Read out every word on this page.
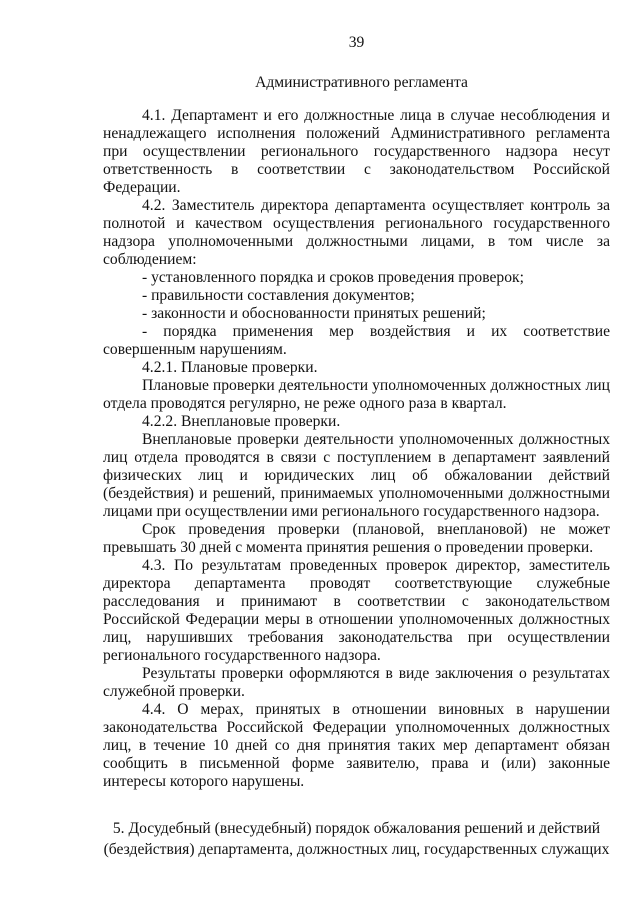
39
Административного регламента

4.1. Департамент и его должностные лица в случае несоблюдения и ненадлежащего исполнения положений Административного регламента при осуществлении регионального государственного надзора несут ответственность в соответствии с законодательством Российской Федерации.

4.2. Заместитель директора департамента осуществляет контроль за полнотой и качеством осуществления регионального государственного надзора уполномоченными должностными лицами, в том числе за соблюдением:

- установленного порядка и сроков проведения проверок;

- правильности составления документов;

- законности и обоснованности принятых решений;

- порядка применения мер воздействия и их соответствие совершенным нарушениям.

4.2.1. Плановые проверки.

Плановые проверки деятельности уполномоченных должностных лиц отдела проводятся регулярно, не реже одного раза в квартал.

4.2.2. Внеплановые проверки.

Внеплановые проверки деятельности уполномоченных должностных лиц отдела проводятся в связи с поступлением в департамент заявлений физических лиц и юридических лиц об обжаловании действий (бездействия) и решений, принимаемых уполномоченными должностными лицами при осуществлении ими регионального государственного надзора.

Срок проведения проверки (плановой, внеплановой) не может превышать 30 дней с момента принятия решения о проведении проверки.

4.3. По результатам проведенных проверок директор, заместитель директора департамента проводят соответствующие служебные расследования и принимают в соответствии с законодательством Российской Федерации меры в отношении уполномоченных должностных лиц, нарушивших требования законодательства при осуществлении регионального государственного надзора.

Результаты проверки оформляются в виде заключения о результатах служебной проверки.

4.4. О мерах, принятых в отношении виновных в нарушении законодательства Российской Федерации уполномоченных должностных лиц, в течение 10 дней со дня принятия таких мер департамент обязан сообщить в письменной форме заявителю, права и (или) законные интересы которого нарушены.

5. Досудебный (внесудебный) порядок обжалования решений и действий
(бездействия) департамента, должностных лиц, государственных служащих
